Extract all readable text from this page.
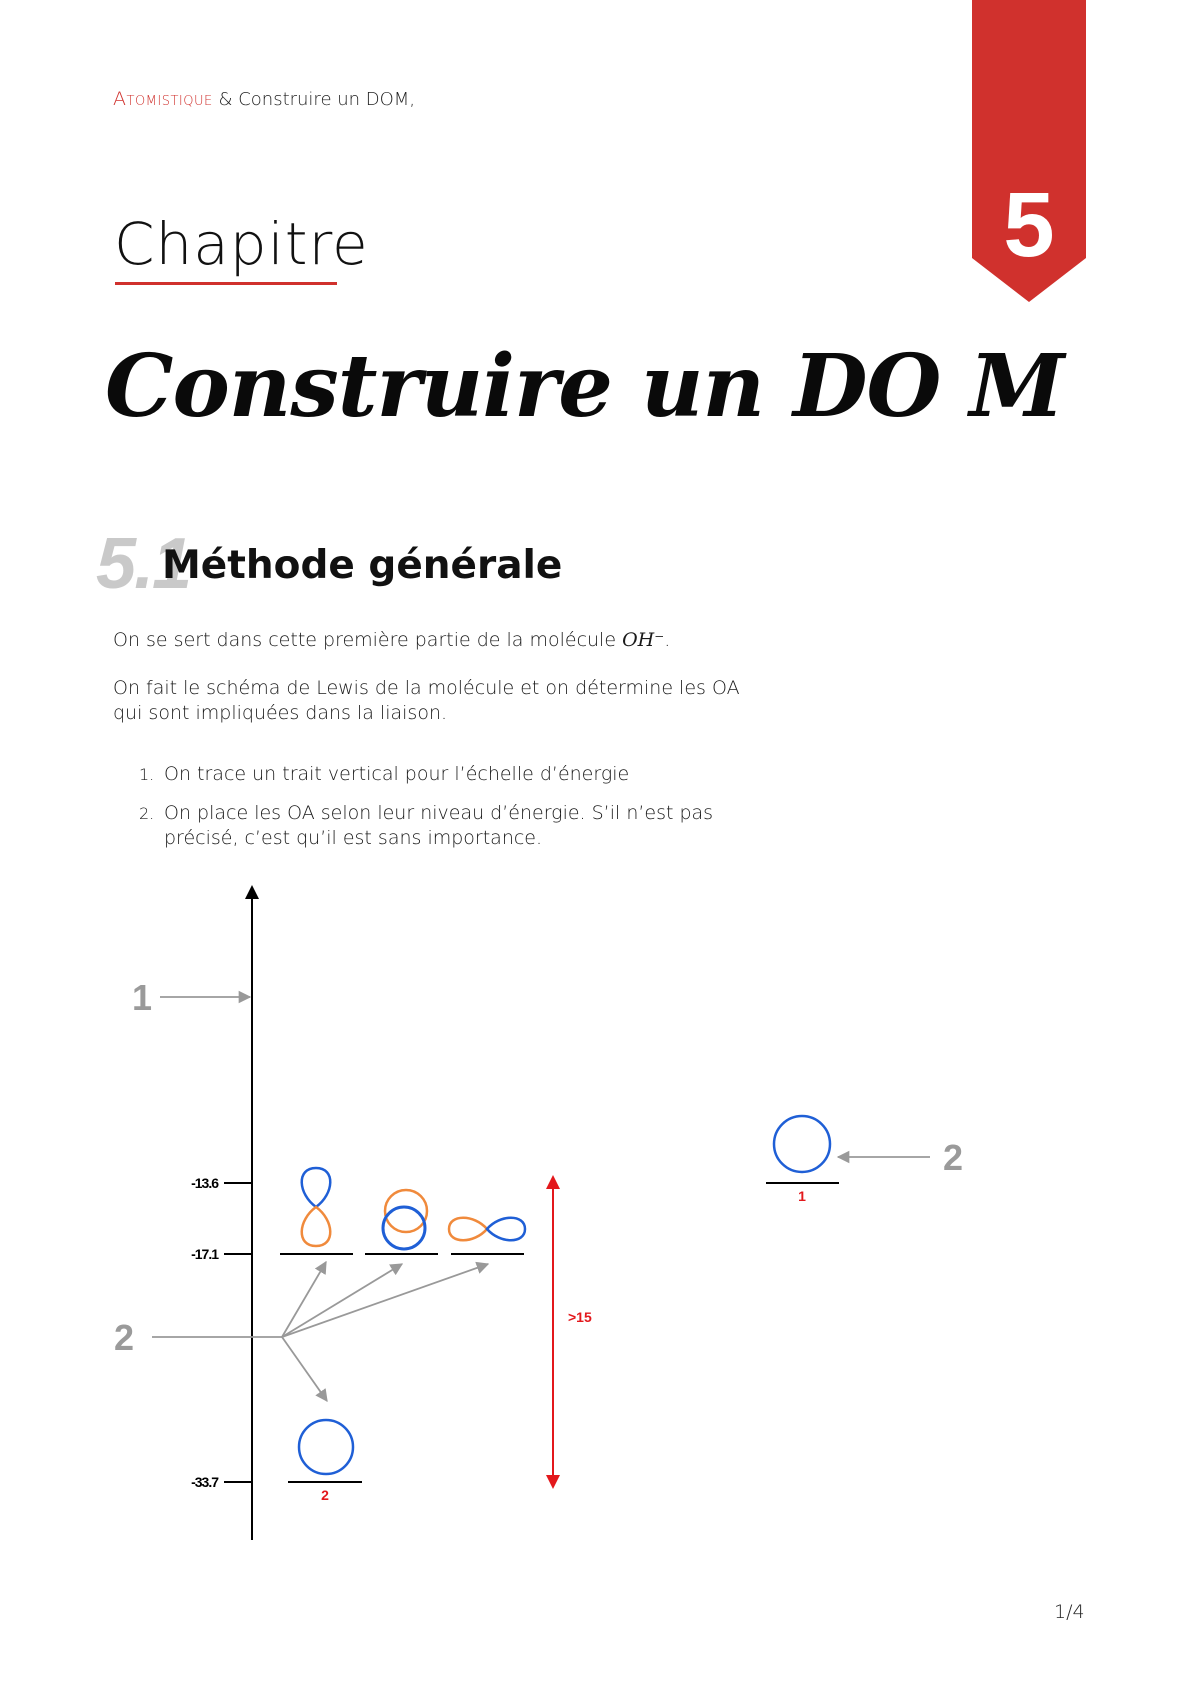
Atomistique & Construire un DOM,
5
Chapitre
Construire un DO M
5.1
Méthode générale
On se sert dans cette première partie de la molécule OH⁻.
On fait le schéma de Lewis de la molécule et on détermine les OA qui sont impliquées dans la liaison.
1. On trace un trait vertical pour l’échelle d’énergie
2. On place les OA selon leur niveau d’énergie. S’il n’est pas précisé, c’est qu’il est sans importance.
1
-13.6
-17.1
-33.7
2
2	>15
1
2
1/4
